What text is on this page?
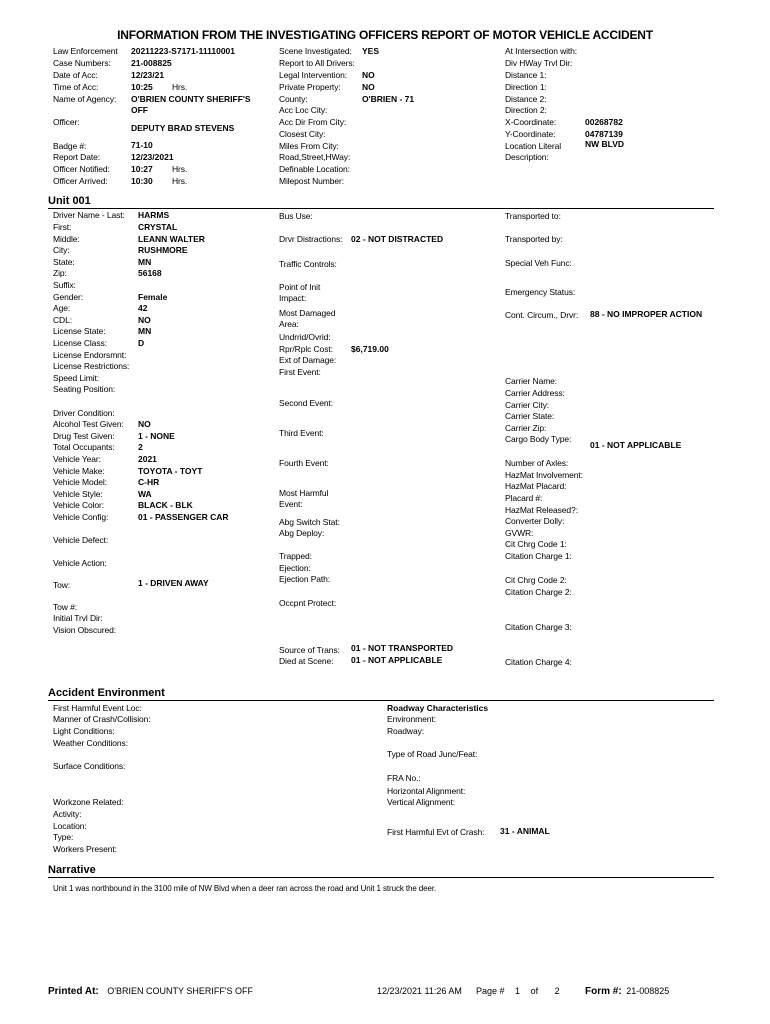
INFORMATION FROM THE INVESTIGATING OFFICERS REPORT OF MOTOR VEHICLE ACCIDENT
Law Enforcement 20211223-S7171-11110001
Case Numbers: 21-008825
Date of Acc:	12/23/21
Time of Acc:	10:25 Hrs.
Name of Agency: O'BRIEN COUNTY SHERIFF'S
OFF
Officer:
DEPUTY BRAD STEVENS
Badge #:	71-10
Report Date:	12/23/2021
Officer Notified:	10:27 Hrs.
Officer Arrived:	10:30 Hrs.
Scene Investigated: YES
Report to All Drivers:
Legal Intervention: NO
Private Property:	NO
County:	O'BRIEN - 71
Acc Loc City:
Acc Dir From City:
Closest City:
Miles From City:
Road,Street,HWay:
Definable Location:
Milepost Number:
At Intersection with:
Div HWay Trvl Dir:
Distance 1:
Direction 1:
Distance 2:
Direction 2:
X-Coordinate:	00268782
Y-Coordinate:	04787139
Location Literal	NW BLVD
Description:
Unit 001
Driver Name - Last: HARMS
First:	CRYSTAL
Middle:	LEANN WALTER
City:	RUSHMORE
State:	MN
Zip:	56168
Suffix:
Gender:	Female
Age:	42
CDL:	NO
License State:	MN
License Class:	D
License Endorsmnt:
License Restrictions:
Speed Limit:
Seating Position:
Driver Condition:
Alcohol Test Given: NO
Drug Test Given:	1 - NONE
Total Occupants:	2
Vehicle Year:	2021
Vehicle Make:	TOYOTA - TOYT
Vehicle Model:	C-HR
Vehicle Style:	WA
Vehicle Color:	BLACK - BLK
Vehicle Config:	01 - PASSENGER CAR
Vehicle Defect:
Vehicle Action:
Tow:	1 - DRIVEN AWAY
Tow #:
Initial Trvl Dir:
Vision Obscured:
Bus Use:
Drvr Distractions: 02 - NOT DISTRACTED
Traffic Controls:
Point of Init
Impact:
Most Damaged
Area:
Undrrid/Ovrid:
Rpr/Rplc Cost: $6,719.00
Ext of Damage:
First Event:
Second Event:
Third Event:
Fourth Event:
Most Harmful
Event:
Abg Switch Stat:
Abg Deploy:
Trapped:
Ejection:
Ejection Path:
Occpnt Protect:
Source of Trans: 01 - NOT TRANSPORTED
Died at Scene: 01 - NOT APPLICABLE
Transported to:
Transported by:
Special Veh Func:
Emergency Status:
Cont. Circum., Drvr: 88 - NO IMPROPER ACTION
Carrier Name:
Carrier Address:
Carrier City:
Carrier State:
Carrier Zip:
Cargo Body Type:
01 - NOT APPLICABLE
Number of Axles:
HazMat Involvement:
HazMat Placard:
Placard #:
HazMat Released?:
Converter Dolly:
GVWR:
Cit Chrg Code 1:
Citation Charge 1:
Cit Chrg Code 2:
Citation Charge 2:
Citation Charge 3:
Citation Charge 4:
Accident Environment
First Harmful Event Loc:
Manner of Crash/Collision:
Light Conditions:
Weather Conditions:
Surface Conditions:
Workzone Related:
Activity:
Location:
Type:
Workers Present:
Roadway Characteristics
Environment:
Roadway:
Type of Road Junc/Feat:
FRA No.:
Horizontal Alignment:
Vertical Alignment:
First Harmful Evt of Crash: 31 - ANIMAL
Narrative
Unit 1 was northbound in the 3100 mile of NW Blvd when a deer ran across the road and Unit 1 struck the deer.
Printed At: O'BRIEN COUNTY SHERIFF'S OFF	12/23/2021 11:26 AM Page # 1 of 2	Form #: 21-008825
